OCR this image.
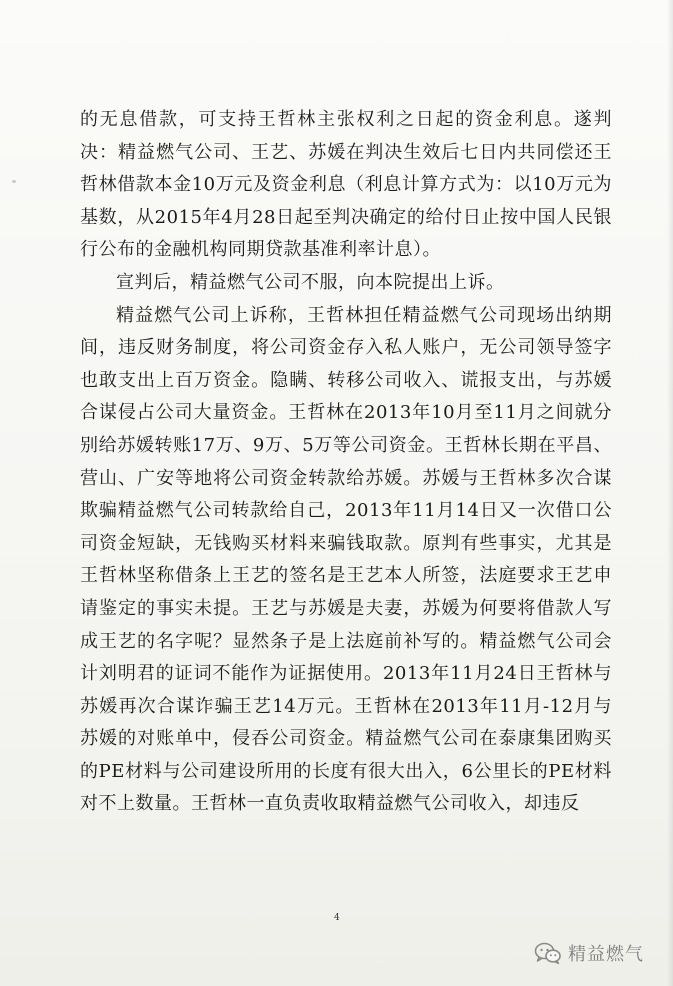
的无息借款，可支持王哲林主张权利之日起的资金利息。遂判决：精益燃气公司、王艺、苏媛在判决生效后七日内共同偿还王哲林借款本金10万元及资金利息（利息计算方式为：以10万元为基数，从2015年4月28日起至判决确定的给付日止按中国人民银行公布的金融机构同期贷款基准利率计息）。

宣判后，精益燃气公司不服，向本院提出上诉。

精益燃气公司上诉称，王哲林担任精益燃气公司现场出纳期间，违反财务制度，将公司资金存入私人账户，无公司领导签字也敢支出上百万资金。隐瞒、转移公司收入、谎报支出，与苏媛合谋侵占公司大量资金。王哲林在2013年10月至11月之间就分别给苏媛转账17万、9万、5万等公司资金。王哲林长期在平昌、营山、广安等地将公司资金转款给苏媛。苏媛与王哲林多次合谋欺骗精益燃气公司转款给自己，2013年11月14日又一次借口公司资金短缺，无钱购买材料来骗钱取款。原判有些事实，尤其是王哲林坚称借条上王艺的签名是王艺本人所签，法庭要求王艺申请鉴定的事实未提。王艺与苏媛是夫妻，苏媛为何要将借款人写成王艺的名字呢？显然条子是上法庭前补写的。精益燃气公司会计刘明君的证词不能作为证据使用。2013年11月24日王哲林与苏媛再次合谋诈骗王艺14万元。王哲林在2013年11月-12月与苏媛的对账单中，侵吞公司资金。精益燃气公司在泰康集团购买的PE材料与公司建设所用的长度有很大出入，6公里长的PE材料对不上数量。王哲林一直负责收取精益燃气公司收入，却违反

4
精益燃气
